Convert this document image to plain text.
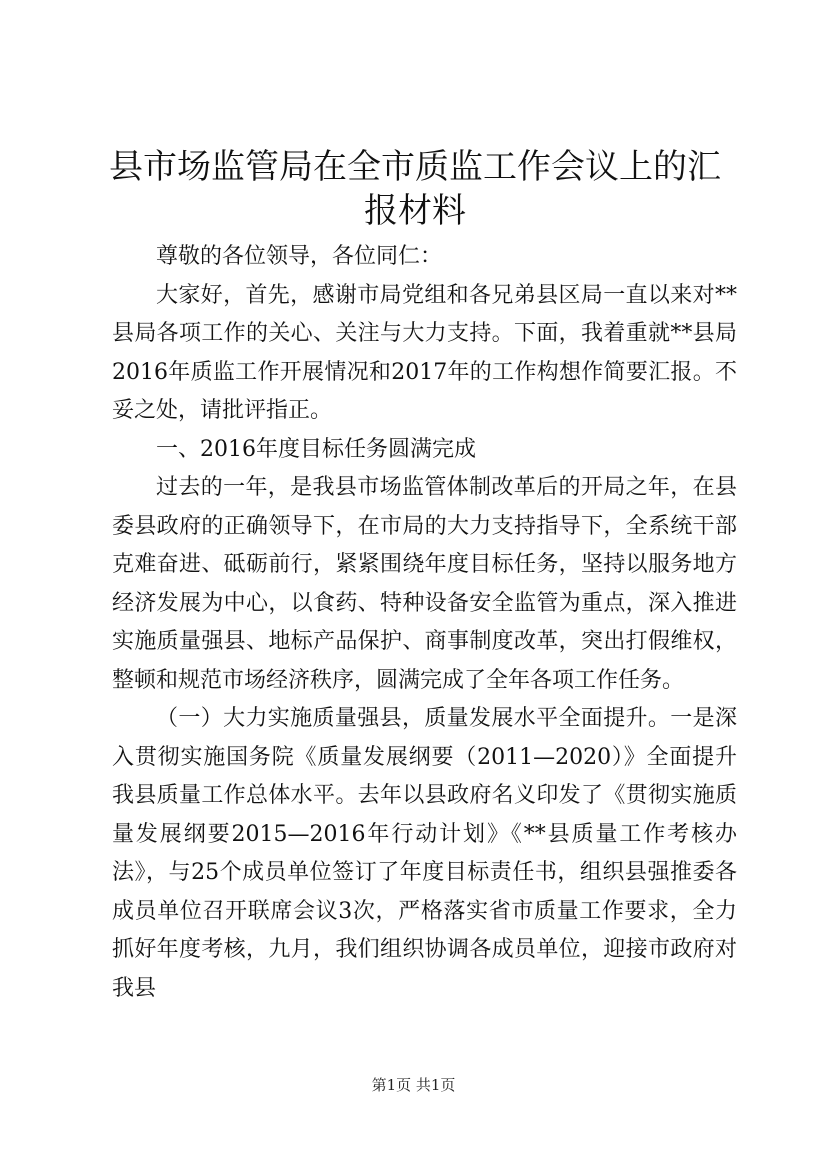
县市场监管局在全市质监工作会议上的汇报材料

尊敬的各位领导，各位同仁：

大家好，首先，感谢市局党组和各兄弟县区局一直以来对**县局各项工作的关心、关注与大力支持。下面，我着重就**县局2016年质监工作开展情况和2017年的工作构想作简要汇报。不妥之处，请批评指正。

一、2016年度目标任务圆满完成

过去的一年，是我县市场监管体制改革后的开局之年，在县委县政府的正确领导下，在市局的大力支持指导下，全系统干部克难奋进、砥砺前行，紧紧围绕年度目标任务，坚持以服务地方经济发展为中心，以食药、特种设备安全监管为重点，深入推进实施质量强县、地标产品保护、商事制度改革，突出打假维权，整顿和规范市场经济秩序，圆满完成了全年各项工作任务。

（一）大力实施质量强县，质量发展水平全面提升。一是深入贯彻实施国务院《质量发展纲要（2011—2020）》全面提升我县质量工作总体水平。去年以县政府名义印发了《贯彻实施质量发展纲要2015—2016年行动计划》《**县质量工作考核办法》，与25个成员单位签订了年度目标责任书，组织县强推委各成员单位召开联席会议3次，严格落实省市质量工作要求，全力抓好年度考核，九月，我们组织协调各成员单位，迎接市政府对我县

第1页 共1页
